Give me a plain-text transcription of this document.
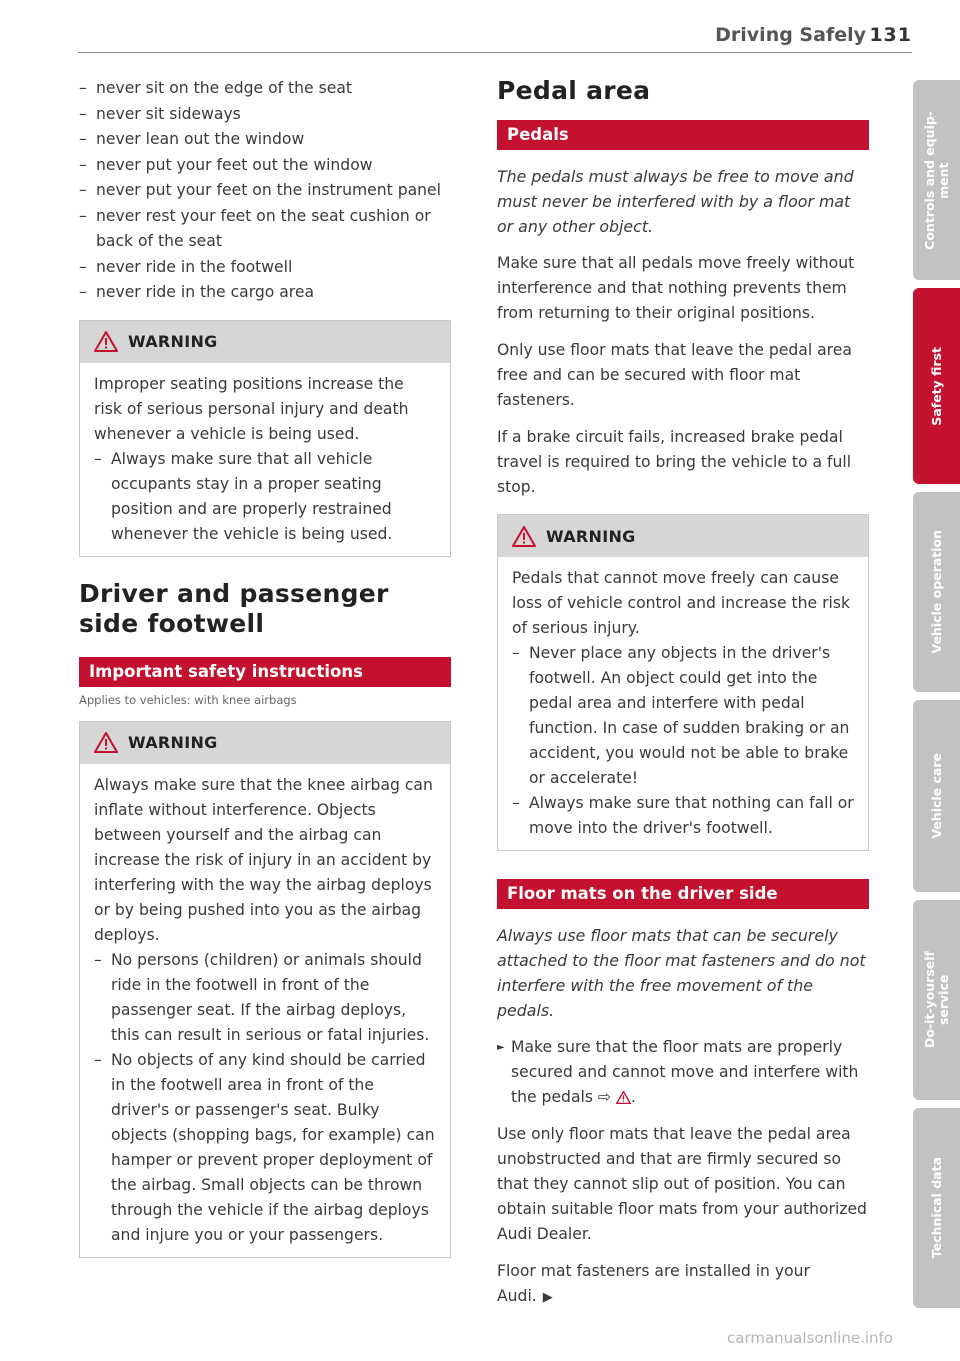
Driving Safely 131
– never sit on the edge of the seat
– never sit sideways
– never lean out the window
– never put your feet out the window
– never put your feet on the instrument panel
– never rest your feet on the seat cushion or back of the seat
– never ride in the footwell
– never ride in the cargo area
WARNING

Improper seating positions increase the risk of serious personal injury and death whenever a vehicle is being used.

– Always make sure that all vehicle occupants stay in a proper seating position and are properly restrained whenever the vehicle is being used.
Driver and passenger side footwell
Important safety instructions
Applies to vehicles: with knee airbags
WARNING

Always make sure that the knee airbag can inflate without interference. Objects between yourself and the airbag can increase the risk of injury in an accident by interfering with the way the airbag deploys or by being pushed into you as the airbag deploys.

– No persons (children) or animals should ride in the footwell in front of the passenger seat. If the airbag deploys, this can result in serious or fatal injuries.
– No objects of any kind should be carried in the footwell area in front of the driver's or passenger's seat. Bulky objects (shopping bags, for example) can hamper or prevent proper deployment of the airbag. Small objects can be thrown through the vehicle if the airbag deploys and injure you or your passengers.
Pedal area
Pedals

The pedals must always be free to move and must never be interfered with by a floor mat or any other object.

Make sure that all pedals move freely without interference and that nothing prevents them from returning to their original positions.

Only use floor mats that leave the pedal area free and can be secured with floor mat fasteners.

If a brake circuit fails, increased brake pedal travel is required to bring the vehicle to a full stop.

WARNING

Pedals that cannot move freely can cause loss of vehicle control and increase the risk of serious injury.

– Never place any objects in the driver's footwell. An object could get into the pedal area and interfere with pedal function. In case of sudden braking or an accident, you would not be able to brake or accelerate!
– Always make sure that nothing can fall or move into the driver's footwell.
Floor mats on the driver side

Always use floor mats that can be securely attached to the floor mat fasteners and do not interfere with the free movement of the pedals.

► Make sure that the floor mats are properly secured and cannot move and interfere with the pedals ⇨ .

Use only floor mats that leave the pedal area unobstructed and that are firmly secured so that they cannot slip out of position. You can obtain suitable floor mats from your authorized Audi Dealer.

Floor mat fasteners are installed in your Audi. ▶

Controls and equip-
ment
Safety first
Vehicle operation
Vehicle care
Do-it-yourself
service
Technical data
carmanualsonline.info
